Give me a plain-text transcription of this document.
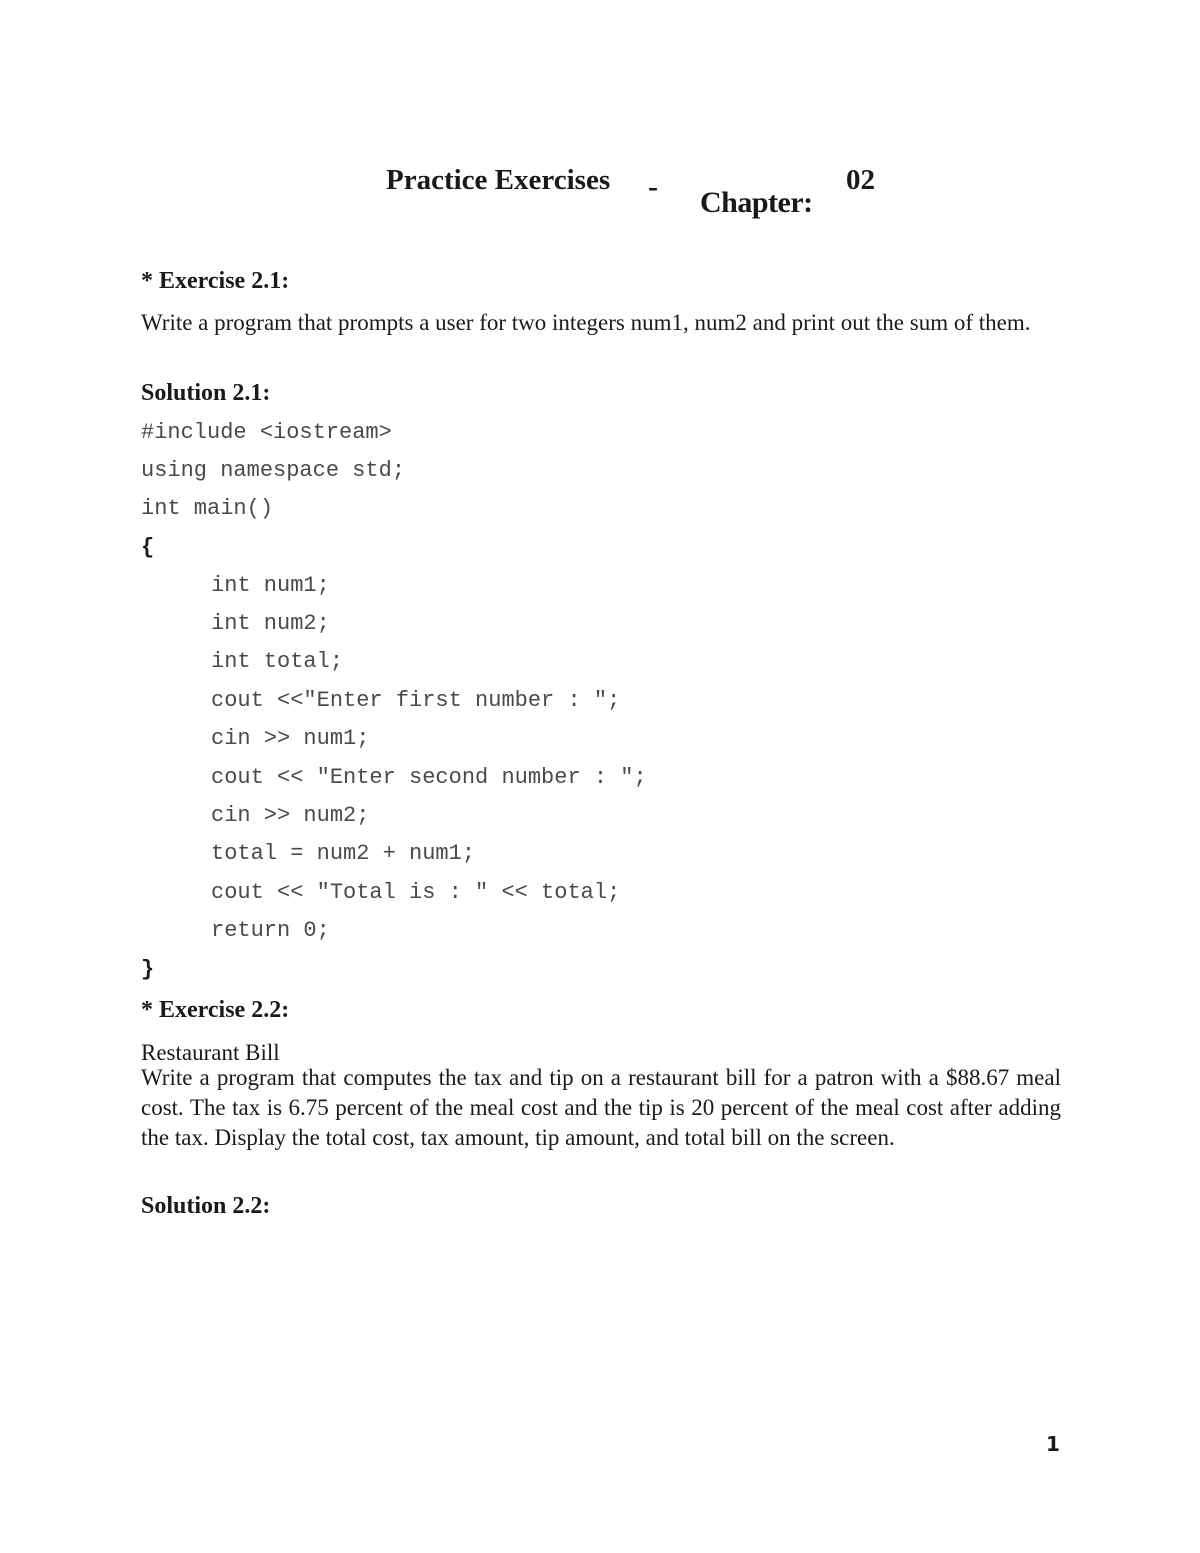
Practice Exercises - Chapter:
02
* Exercise 2.1:
Write a program that prompts a user for two integers num1, num2 and print out the sum of them.
Solution 2.1:
#include <iostream>
using namespace std;
int main()
{
int num1;
int num2;
int total;
cout <<"Enter first number : ";
cin >> num1;
cout << "Enter second number : ";
cin >> num2;
total = num2 + num1;
cout << "Total is : " << total;
return 0;
}
* Exercise 2.2:
Restaurant Bill
Write a program that computes the tax and tip on a restaurant bill for a patron with a $88.67 meal cost. The tax is 6.75 percent of the meal cost and the tip is 20 percent of the meal cost after adding the tax. Display the total cost, tax amount, tip amount, and total bill on the screen.
Solution 2.2:
1
